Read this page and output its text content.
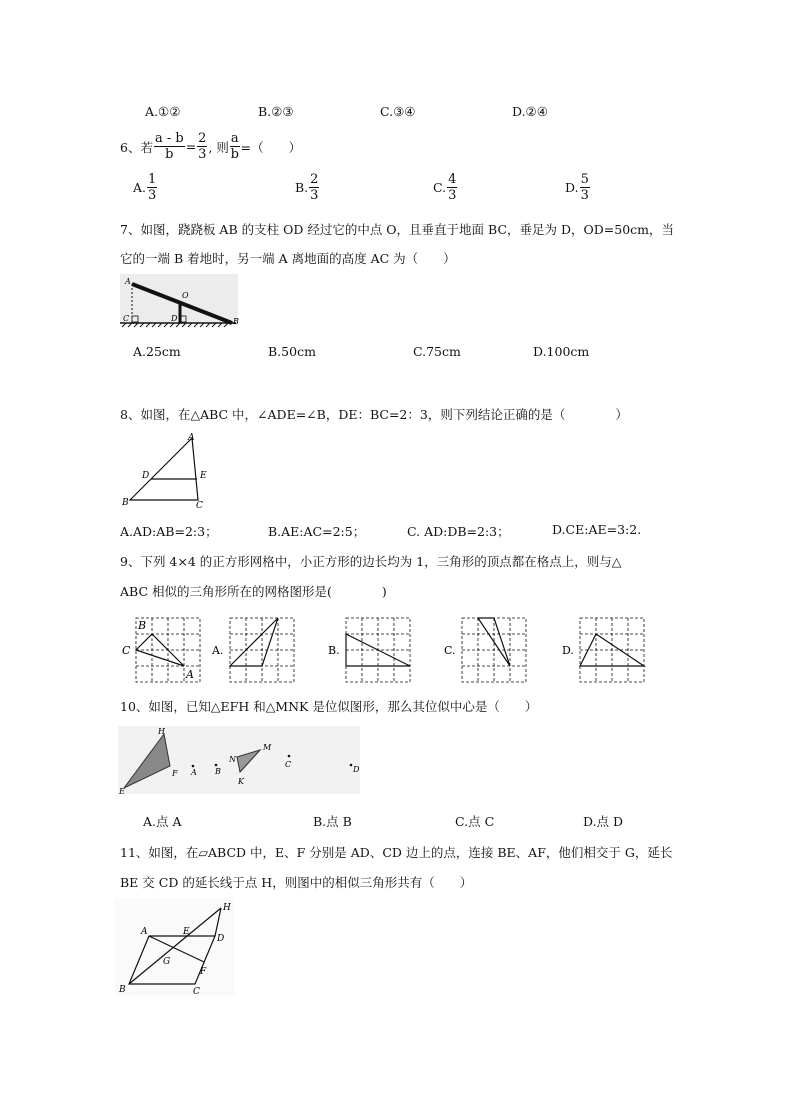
A.①②	B.②③	C.③④	D.②④
6、若 $\frac{a - b}{b} = \frac{2}{3}$ , 则 $\frac{a}{b}$ =（　　）
A. $\frac{1}{3}$	B. $\frac{2}{3}$	C. $\frac{4}{3}$	D. $\frac{5}{3}$
7、如图，跷跷板 AB 的支柱 OD 经过它的中点 O，且垂直于地面 BC，垂足为 D，OD=50cm，当
它的一端 B 着地时，另一端 A 离地面的高度 AC 为（　　）
A
O
C	D	B
A.25cm	B.50cm	C.75cm	D.100cm
8、如图，在△ABC 中，∠ADE=∠B，DE：BC=2：3，则下列结论正确的是（　　　　）
A
D	E
B	C
A.AD:AB=2:3；	B.AE:AC=2:5；	C. AD:DB=2:3；	D.CE:AE=3:2.
9、下列 4×4 的正方形网格中，小正方形的边长均为 1，三角形的顶点都在格点上，则与△
ABC 相似的三角形所在的网格图形是(　　　　)
B
C
A
A.	B.	C.	D.
10、如图，已知△EFH 和△MNK 是位似图形，那么其位似中心是（　　）
H
E
F A B
N
M
K
C
D
A.点 A	B.点 B	C.点 C	D.点 D
11、如图，在▱ABCD 中，E、F 分别是 AD、CD 边上的点，连接 BE、AF，他们相交于 G，延长
BE 交 CD 的延长线于点 H，则图中的相似三角形共有（　　）
H
A	E
D
G
F
B	C
